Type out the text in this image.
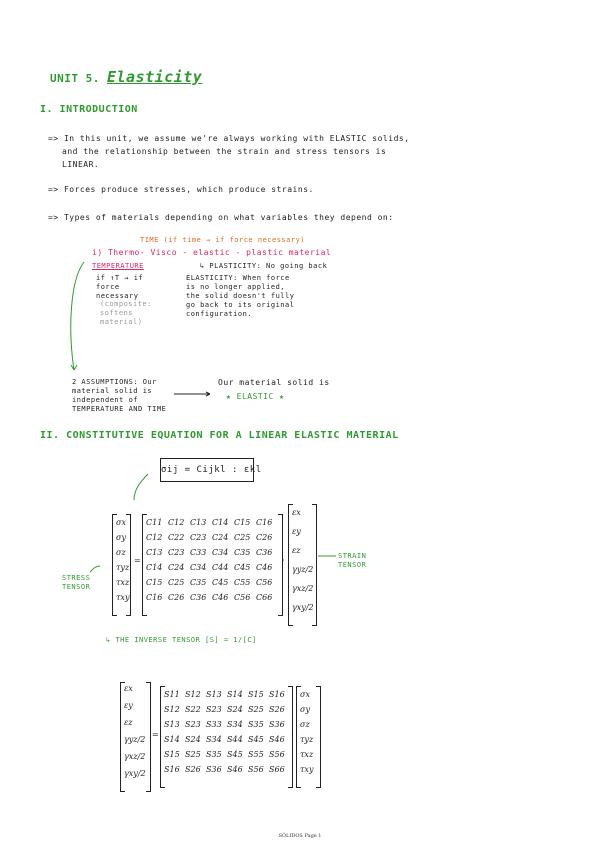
UNIT 5. Elasticity
I. INTRODUCTION
=> In this unit, we assume we're always working with ELASTIC solids,
and the relationship between the strain and stress tensors is
LINEAR.
=> Forces produce stresses, which produce strains.
=> Types of materials depending on what variables they depend on:
TIME (if time → if force necessary)
i) Thermo- Visco - elastic - plastic material
TEMPERATURE	↳ PLASTICITY: No going back
if ↑T → if force necessary
ELASTICITY: When force is no longer applied, the solid doesn't fully go back to its original configuration.
(composite: softens material)
2 ASSUMPTIONS: Our material solid is independent of TEMPERATURE AND TIME
Our material solid is
★ ELASTIC ★
II. CONSTITUTIVE EQUATION FOR A LINEAR ELASTIC MATERIAL
σij = Cijkl : εkl
STRESS TENSOR
STRAIN TENSOR
σx
σy
σz
τyz
τxz
τxy
=
C11 C12 C13 C14 C15 C16
C12 C22 C23 C24 C25 C26
C13 C23 C33 C34 C35 C36
C14 C24 C34 C44 C45 C46
C15 C25 C35 C45 C55 C56
C16 C26 C36 C46 C56 C66
·
εx
εy
εz
γyz/2
γxz/2
γxy/2
↳ THE INVERSE TENSOR [S] = 1/[C]
εx
εy
εz
γyz/2
γxz/2
γxy/2
=
S11 S12 S13 S14 S15 S16
S12 S22 S23 S24 S25 S26
S13 S23 S33 S34 S35 S36
S14 S24 S34 S44 S45 S46
S15 S25 S35 S45 S55 S56
S16 S26 S36 S46 S56 S66
·
σx
σy
σz
τyz
τxz
τxy
SÓLIDOS Page 1
